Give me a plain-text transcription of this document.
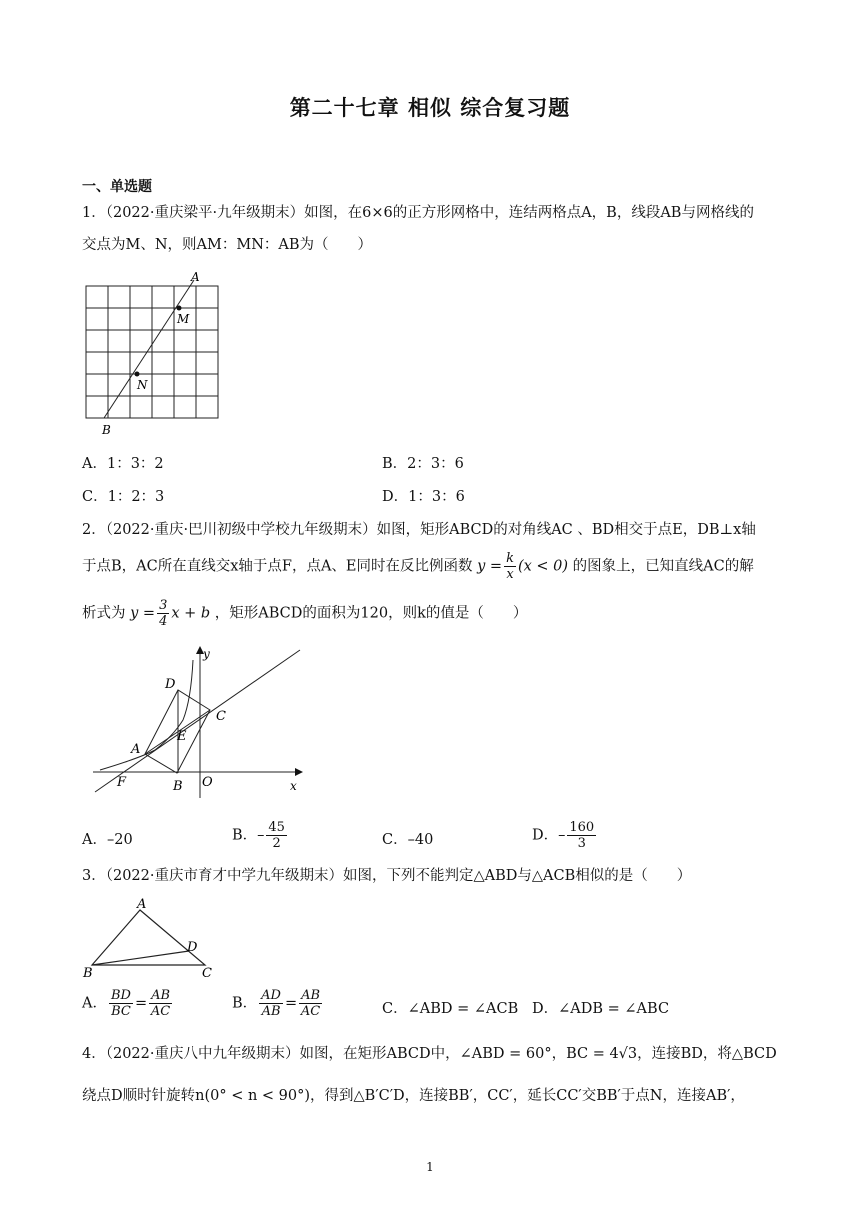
第二十七章 相似 综合复习题
一、单选题
1．（2022·重庆梁平·九年级期末）如图，在6×6的正方形网格中，连结两格点A，B，线段AB与网格线的
交点为M、N，则AM：MN：AB为（　　）
A
M
N
B
A．1：3：2	B．2：3：6
C．1：2：3	D．1：3：6
2．（2022·重庆·巴川初级中学校九年级期末）如图，矩形ABCD的对角线AC 、BD相交于点E，DB⊥x轴
于点B，AC所在直线交x轴于点F，点A、E同时在反比例函数 $y = \frac{k}{x} (x < 0)$ 的图象上，已知直线AC的解
析式为 $y = \frac{3}{4}$ x + b ，矩形ABCD的面积为120，则k的值是（　　）
y
x
D
C
E
A
F	B O
A．–20	B．– $\frac{45}{2}$	C．–40	D．– $\frac{160}{3}$
3．（2022·重庆市育才中学九年级期末）如图，下列不能判定△ABD与△ACB相似的是（　　）
A
B	C
D
A． $\frac{BD}{BC} = \frac{AB}{AC}$	B． $\frac{AD}{AB} = \frac{AB}{AC}$	C．∠ABD = ∠ACB D．∠ADB = ∠ABC
4．（2022·重庆八中九年级期末）如图，在矩形ABCD中，∠ABD = 60°，BC = 4√3，连接BD，将△BCD
绕点D顺时针旋转n(0° < n < 90°)，得到△B′C′D，连接BB′，CC′，延长CC′交BB′于点N，连接AB′，
1
